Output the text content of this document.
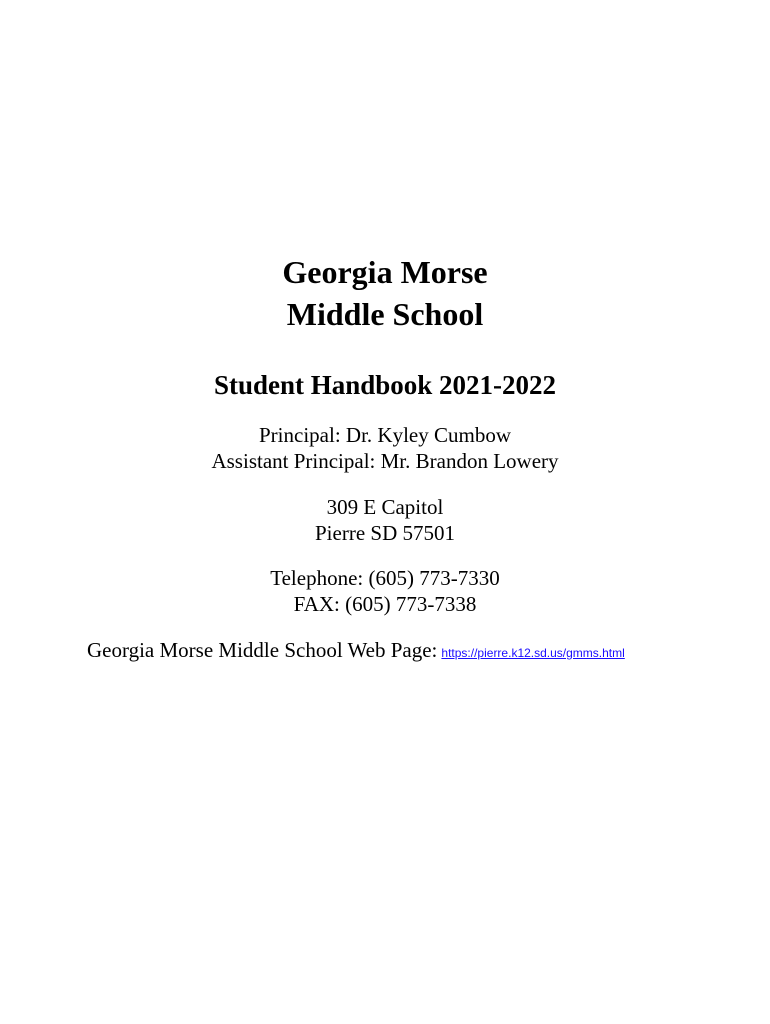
Georgia Morse
Middle School
Student Handbook 2021-2022
Principal: Dr. Kyley Cumbow
Assistant Principal: Mr. Brandon Lowery
309 E Capitol
Pierre SD 57501
Telephone: (605) 773-7330
FAX: (605) 773-7338
Georgia Morse Middle School Web Page: https://pierre.k12.sd.us/gmms.html
